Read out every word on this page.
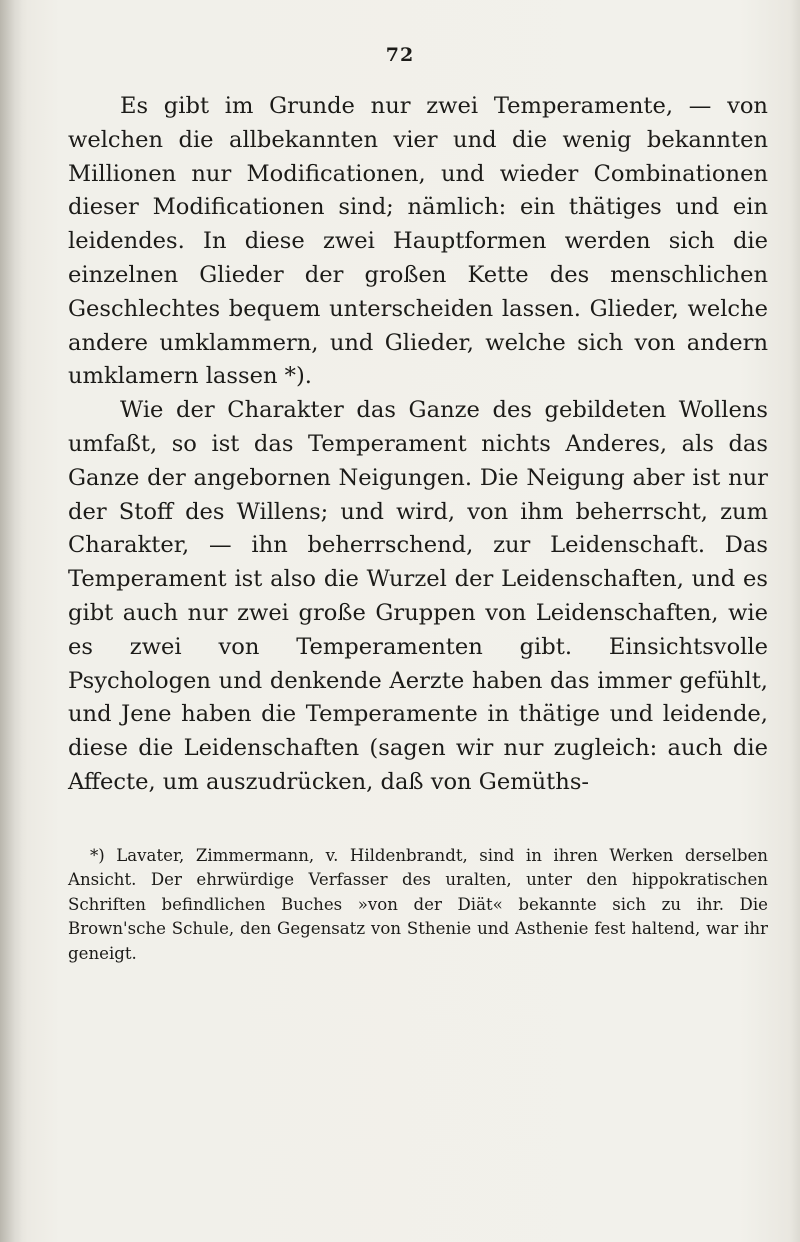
72

Es gibt im Grunde nur zwei Temperamente, — von welchen die allbekannten vier und die wenig bekannten Millionen nur Modificationen, und wieder Combinationen dieser Modificationen sind; nämlich: ein thätiges und ein leidendes. In diese zwei Hauptformen werden sich die einzelnen Glieder der großen Kette des menschlichen Geschlechtes bequem unterscheiden lassen. Glieder, welche andere umklammern, und Glieder, welche sich von andern umklamern lassen *).

Wie der Charakter das Ganze des gebildeten Wollens umfaßt, so ist das Temperament nichts Anderes, als das Ganze der angebornen Neigungen. Die Neigung aber ist nur der Stoff des Willens; und wird, von ihm beherrscht, zum Charakter, — ihn beherrschend, zur Leidenschaft. Das Temperament ist also die Wurzel der Leidenschaften, und es gibt auch nur zwei große Gruppen von Leidenschaften, wie es zwei von Temperamenten gibt. Einsichtsvolle Psychologen und denkende Aerzte haben das immer gefühlt, und Jene haben die Temperamente in thätige und leidende, diese die Leidenschaften (sagen wir nur zugleich: auch die Affecte, um auszudrücken, daß von Gemüths-

*) Lavater, Zimmermann, v. Hildenbrandt, sind in ihren Werken derselben Ansicht. Der ehrwürdige Verfasser des uralten, unter den hippokratischen Schriften befindlichen Buches »von der Diät« bekannte sich zu ihr. Die Brown'sche Schule, den Gegensatz von Sthenie und Asthenie fest haltend, war ihr geneigt.
